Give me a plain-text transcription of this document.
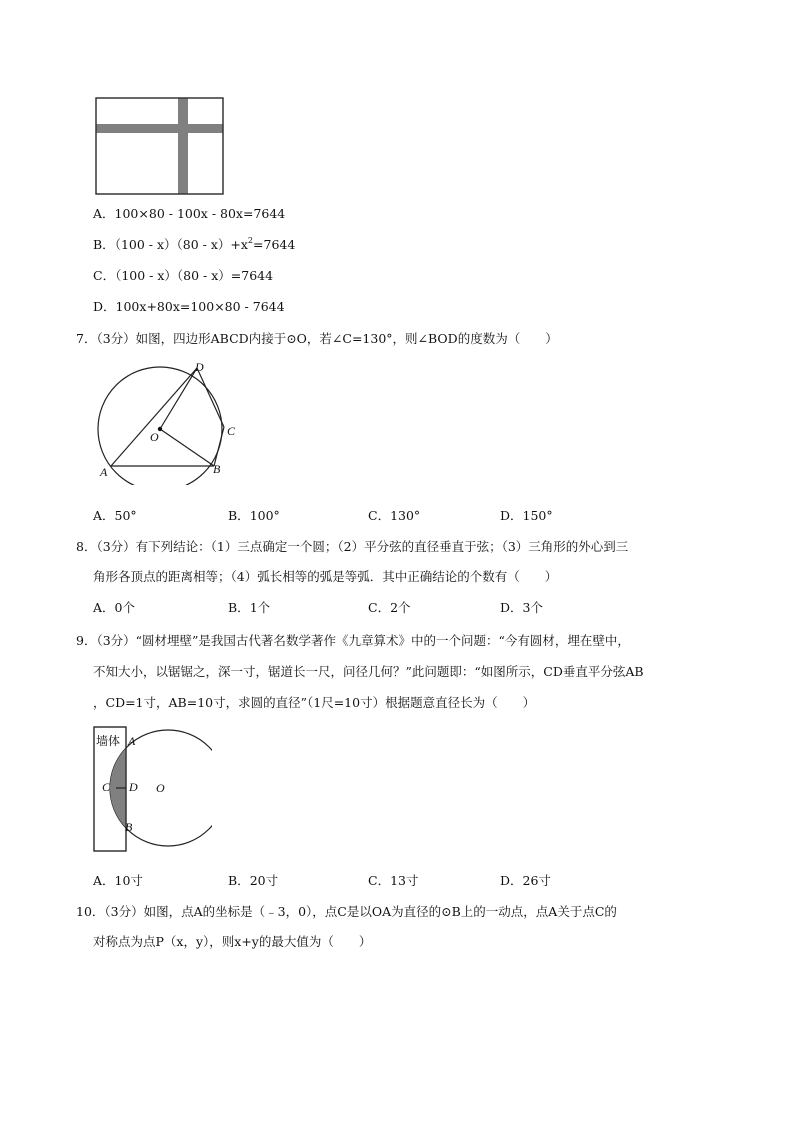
A．100×80 - 100x - 80x=7644
B．$(100 - x)(80 - x)+x^2=7644$
C．（100 - x）（80 - x）=7644
D．100x+80x=100×80 - 7644
7．（3分）如图，四边形ABCD内接于⊙O，若∠C=130°，则∠BOD的度数为（　　）
D
O	C
A	B
A．50°	B．100°	C．130°	D．150°
8．（3分）有下列结论：（1）三点确定一个圆；（2）平分弦的直径垂直于弦；（3）三角形的外心到三
角形各顶点的距离相等；（4）弧长相等的弧是等弧．其中正确结论的个数有（　　）
A．0个	B．1个	C．2个	D．3个
9．（3分）“圆材埋壁”是我国古代著名数学著作《九章算术》中的一个问题：“今有圆材，埋在壁中，
不知大小，以锯锯之，深一寸，锯道长一尺，问径几何？”此问题即：“如图所示，CD垂直平分弦AB
，CD=1寸，AB=10寸，求圆的直径”（1尺=10寸）根据题意直径长为（　　）
墙体 A
C D O
B
A．10寸	B．20寸	C．13寸	D．26寸
10．（3分）如图，点A的坐标是（﹣3，0），点C是以OA为直径的⊙B上的一动点，点A关于点C的
对称点为点P（x，y），则x+y的最大值为（　　）
